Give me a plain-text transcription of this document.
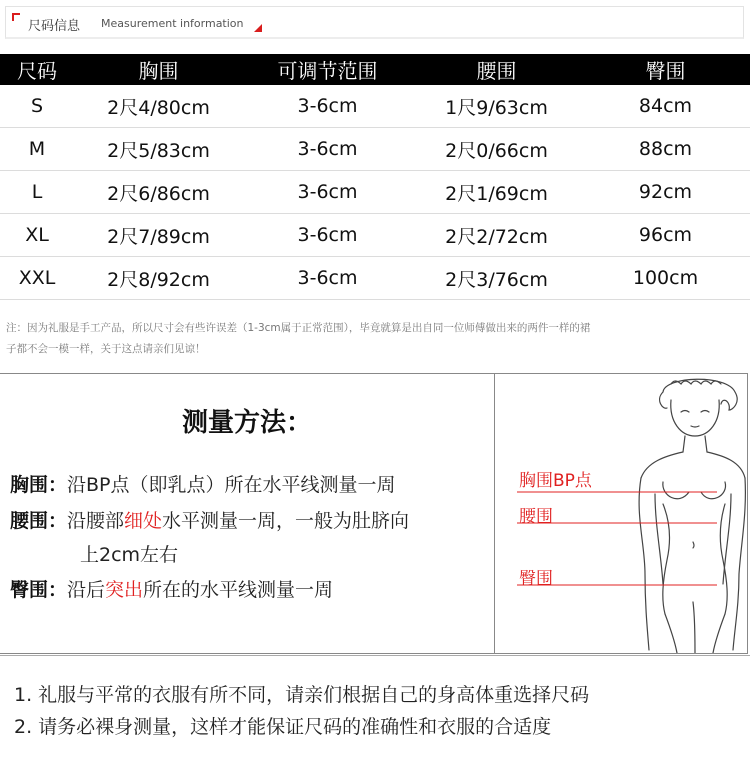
尺码信息 Measurement information
尺码	胸围	可调节范围	腰围	臀围
S	2尺4/80cm	3-6cm	1尺9/63cm	84cm
M	2尺5/83cm	3-6cm	2尺0/66cm	88cm
L	2尺6/86cm	3-6cm	2尺1/69cm	92cm
XL	2尺7/89cm	3-6cm	2尺2/72cm	96cm
XXL	2尺8/92cm	3-6cm	2尺3/76cm	100cm
注：因为礼服是手工产品，所以尺寸会有些许误差（1-3cm属于正常范围），毕竟就算是出自同一位师傅做出来的两件一样的裙
子都不会一模一样，关于这点请亲们见谅！
测量方法：
胸围：沿BP点（即乳点）所在水平线测量一周
腰围：沿腰部细处水平测量一周，一般为肚脐向
上2cm左右
臀围：沿后突出所在的水平线测量一周
胸围BP点
腰围
臀围
1. 礼服与平常的衣服有所不同，请亲们根据自己的身高体重选择尺码
2. 请务必裸身测量，这样才能保证尺码的准确性和衣服的合适度
